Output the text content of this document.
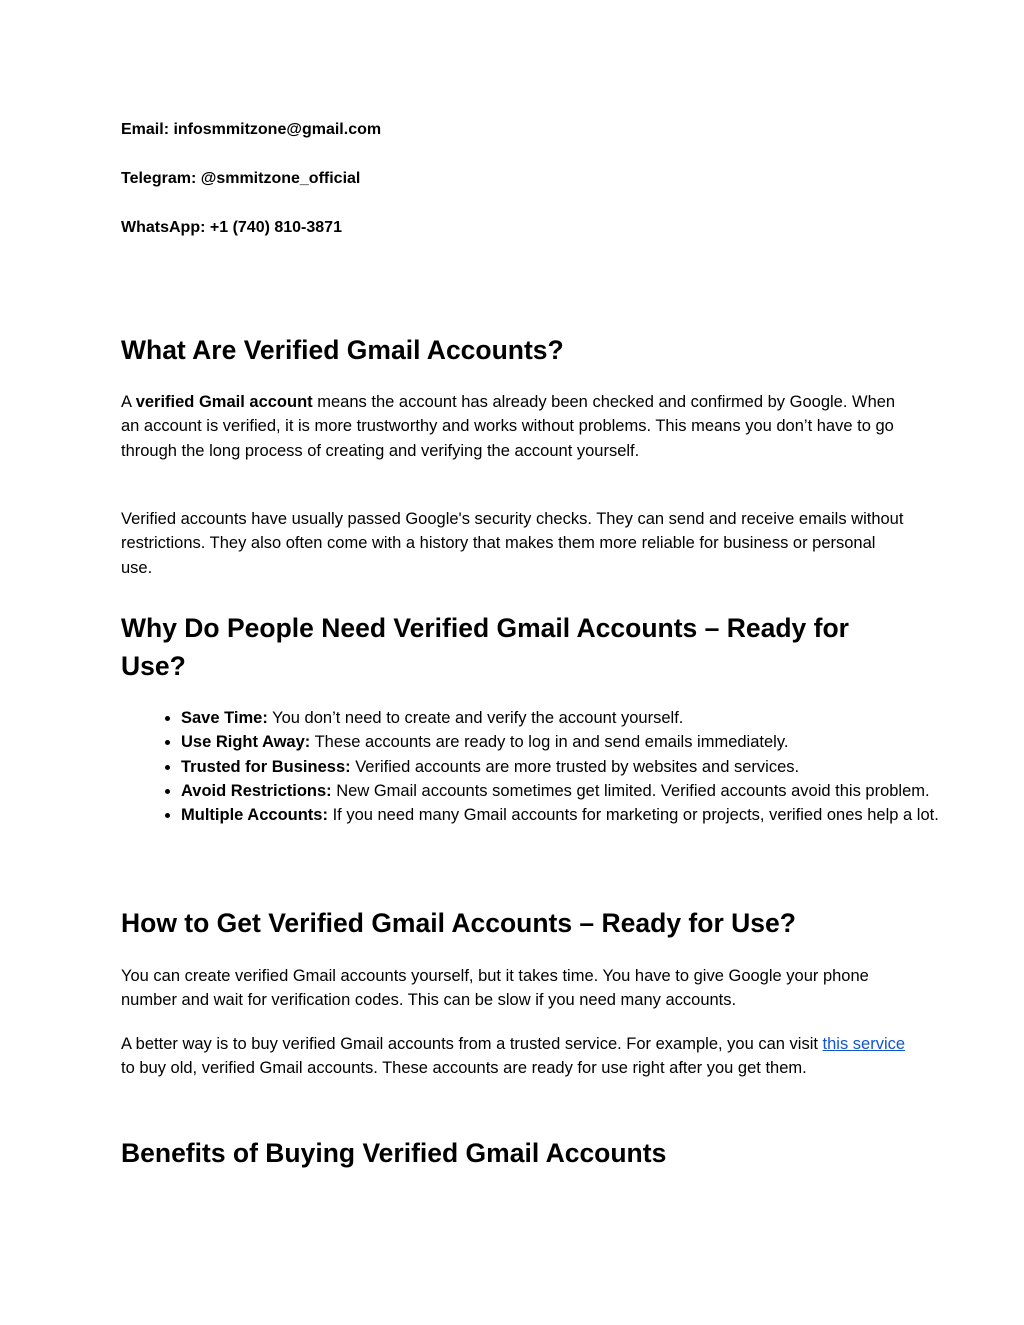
Email: infosmmitzone@gmail.com
Telegram: @smmitzone_official
WhatsApp: +1 (740) 810-3871
What Are Verified Gmail Accounts?

A verified Gmail account means the account has already been checked and confirmed by Google. When an account is verified, it is more trustworthy and works without problems. This means you don’t have to go through the long process of creating and verifying the account yourself.

Verified accounts have usually passed Google's security checks. They can send and receive emails without restrictions. They also often come with a history that makes them more reliable for business or personal use.

Why Do People Need Verified Gmail Accounts – Ready for Use?
• Save Time: You don’t need to create and verify the account yourself.
• Use Right Away: These accounts are ready to log in and send emails immediately.
• Trusted for Business: Verified accounts are more trusted by websites and services.
• Avoid Restrictions: New Gmail accounts sometimes get limited. Verified accounts avoid this problem.
• Multiple Accounts: If you need many Gmail accounts for marketing or projects, verified ones help a lot.
How to Get Verified Gmail Accounts – Ready for Use?

You can create verified Gmail accounts yourself, but it takes time. You have to give Google your phone number and wait for verification codes. This can be slow if you need many accounts.

A better way is to buy verified Gmail accounts from a trusted service. For example, you can visit this service to buy old, verified Gmail accounts. These accounts are ready for use right after you get them.

Benefits of Buying Verified Gmail Accounts
